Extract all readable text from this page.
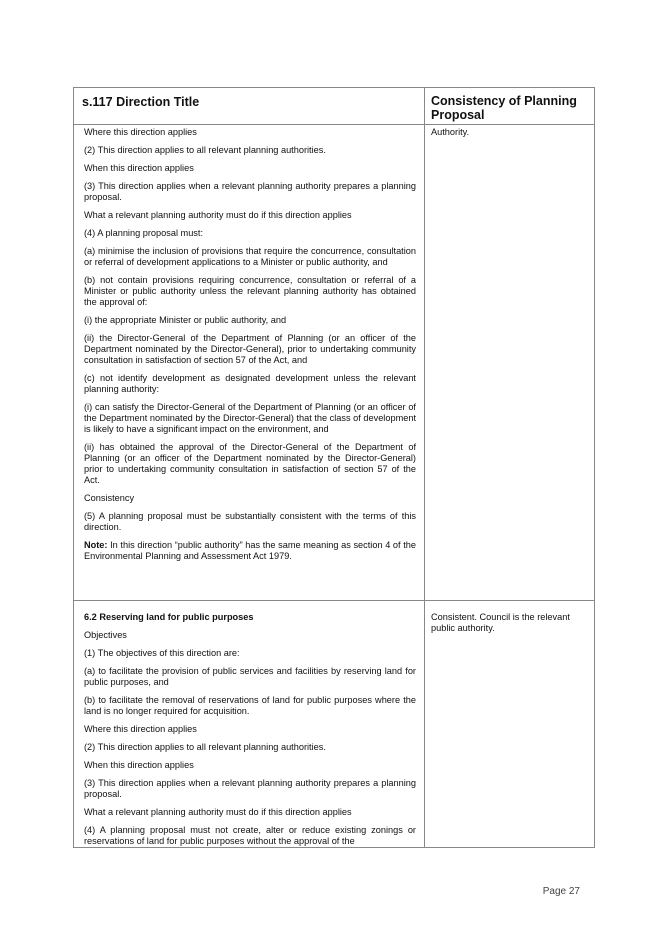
s.117 Direction Title	Consistency of Planning Proposal

Where this direction applies

(2) This direction applies to all relevant planning authorities.

When this direction applies

(3) This direction applies when a relevant planning authority prepares a planning proposal.

What a relevant planning authority must do if this direction applies

(4) A planning proposal must:

(a) minimise the inclusion of provisions that require the concurrence, consultation or referral of development applications to a Minister or public authority, and

(b) not contain provisions requiring concurrence, consultation or referral of a Minister or public authority unless the relevant planning authority has obtained the approval of:

(i) the appropriate Minister or public authority, and

(ii) the Director-General of the Department of Planning (or an officer of the Department nominated by the Director-General), prior to undertaking community consultation in satisfaction of section 57 of the Act, and

(c) not identify development as designated development unless the relevant planning authority:

(i) can satisfy the Director-General of the Department of Planning (or an officer of the Department nominated by the Director-General) that the class of development is likely to have a significant impact on the environment, and

(ii) has obtained the approval of the Director-General of the Department of Planning (or an officer of the Department nominated by the Director-General) prior to undertaking community consultation in satisfaction of section 57 of the Act.

Consistency

(5) A planning proposal must be substantially consistent with the terms of this direction.

Note: In this direction “public authority” has the same meaning as section 4 of the Environmental Planning and Assessment Act 1979.

Authority.

6.2 Reserving land for public purposes

Objectives

(1) The objectives of this direction are:

(a) to facilitate the provision of public services and facilities by reserving land for public purposes, and

(b) to facilitate the removal of reservations of land for public purposes where the land is no longer required for acquisition.

Where this direction applies

(2) This direction applies to all relevant planning authorities.

When this direction applies

(3) This direction applies when a relevant planning authority prepares a planning proposal.

What a relevant planning authority must do if this direction applies

(4) A planning proposal must not create, alter or reduce existing zonings or reservations of land for public purposes without the approval of the

Consistent. Council is the relevant public authority.
Page 27
